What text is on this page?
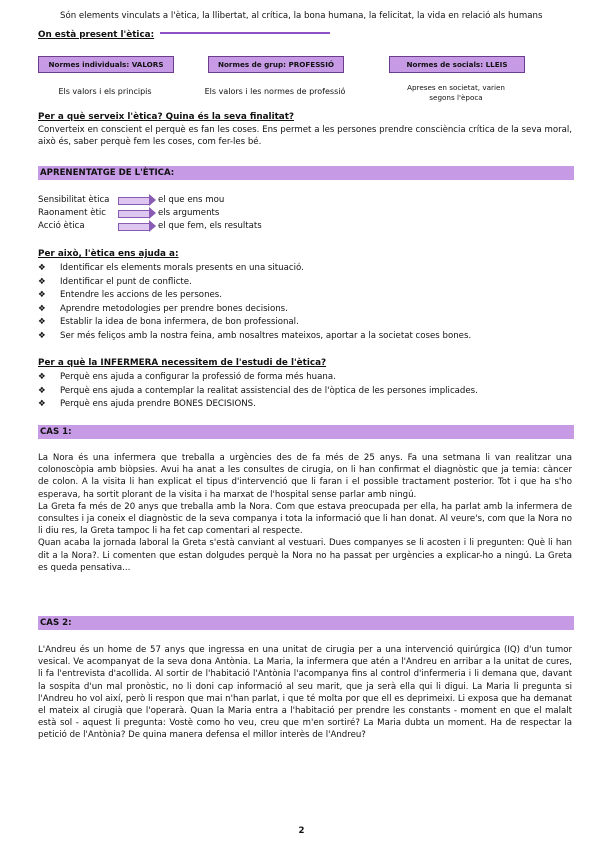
Són elements vinculats a l'ètica, la llibertat, al crítica, la bona humana, la felicitat, la vida en relació als humans
On està present l'ètica:
Normes individuals: VALORS	Normes de grup: PROFESSIÓ	Normes de socials: LLEIS
Els valors i els principis	Els valors i les normes de professió	Apreses en societat, varien segons l'època
Per a què serveix l'ètica? Quina és la seva finalitat?
Converteix en conscient el perquè es fan les coses. Ens permet a les persones prendre consciència crítica de la seva moral, això és, saber perquè fem les coses, com fer-les bé.
APRENENTATGE DE L'ÈTICA:
Sensibilitat ètica	el que ens mou
Raonament ètic	els arguments
Acció ètica	el que fem, els resultats
Per això, l'ètica ens ajuda a:
❖ Identificar els elements morals presents en una situació.
❖ Identificar el punt de conflicte.
❖ Entendre les accions de les persones.
❖ Aprendre metodologies per prendre bones decisions.
❖ Establir la idea de bona infermera, de bon professional.
❖ Ser més feliços amb la nostra feina, amb nosaltres mateixos, aportar a la societat coses bones.
Per a què la INFERMERA necessitem de l'estudi de l'ètica?
❖ Perquè ens ajuda a configurar la professió de forma més huana.
❖ Perquè ens ajuda a contemplar la realitat assistencial des de l'òptica de les persones implicades.
❖ Perquè ens ajuda prendre BONES DECISIONS.
CAS 1:

La Nora és una infermera que treballa a urgències des de fa més de 25 anys. Fa una setmana li van realitzar una colonoscòpia amb biòpsies. Avui ha anat a les consultes de cirugia, on li han confirmat el diagnòstic que ja temia: càncer de colon. A la visita li han explicat el tipus d'intervenció que li faran i el possible tractament posterior. Tot i que ha s'ho esperava, ha sortit plorant de la visita i ha marxat de l'hospital sense parlar amb ningú.

La Greta fa més de 20 anys que treballa amb la Nora. Com que estava preocupada per ella, ha parlat amb la infermera de consultes i ja coneix el diagnòstic de la seva companya i tota la informació que li han donat. Al veure's, com que la Nora no li diu res, la Greta tampoc li ha fet cap comentari al respecte.

Quan acaba la jornada laboral la Greta s'està canviant al vestuari. Dues companyes se li acosten i li pregunten: Què li han dit a la Nora?. Li comenten que estan dolgudes perquè la Nora no ha passat per urgències a explicar-ho a ningú. La Greta es queda pensativa...

CAS 2:
L'Andreu és un home de 57 anys que ingressa en una unitat de cirugia per a una intervenció quirúrgica (IQ) d'un tumor vesical. Ve acompanyat de la seva dona Antònia. La Maria, la infermera que atén a l'Andreu en arribar a la unitat de cures, li fa l'entrevista d'acollida. Al sortir de l'habitació l'Antònia l'acompanya fins al control d'infermeria i li demana que, davant la sospita d'un mal pronòstic, no li doni cap informació al seu marit, que ja serà ella qui li digui. La Maria li pregunta si l'Andreu ho vol així, però li respon que mai n'han parlat, i que té molta por que ell es deprimeixi. Li exposa que ha demanat el mateix al cirugià que l'operarà. Quan la Maria entra a l'habitació per prendre les constants - moment en que el malalt està sol - aquest li pregunta: Vostè como ho veu, creu que m'en sortiré? La Maria dubta un moment. Ha de respectar la petició de l'Antònia? De quina manera defensa el millor interès de l'Andreu?
2
